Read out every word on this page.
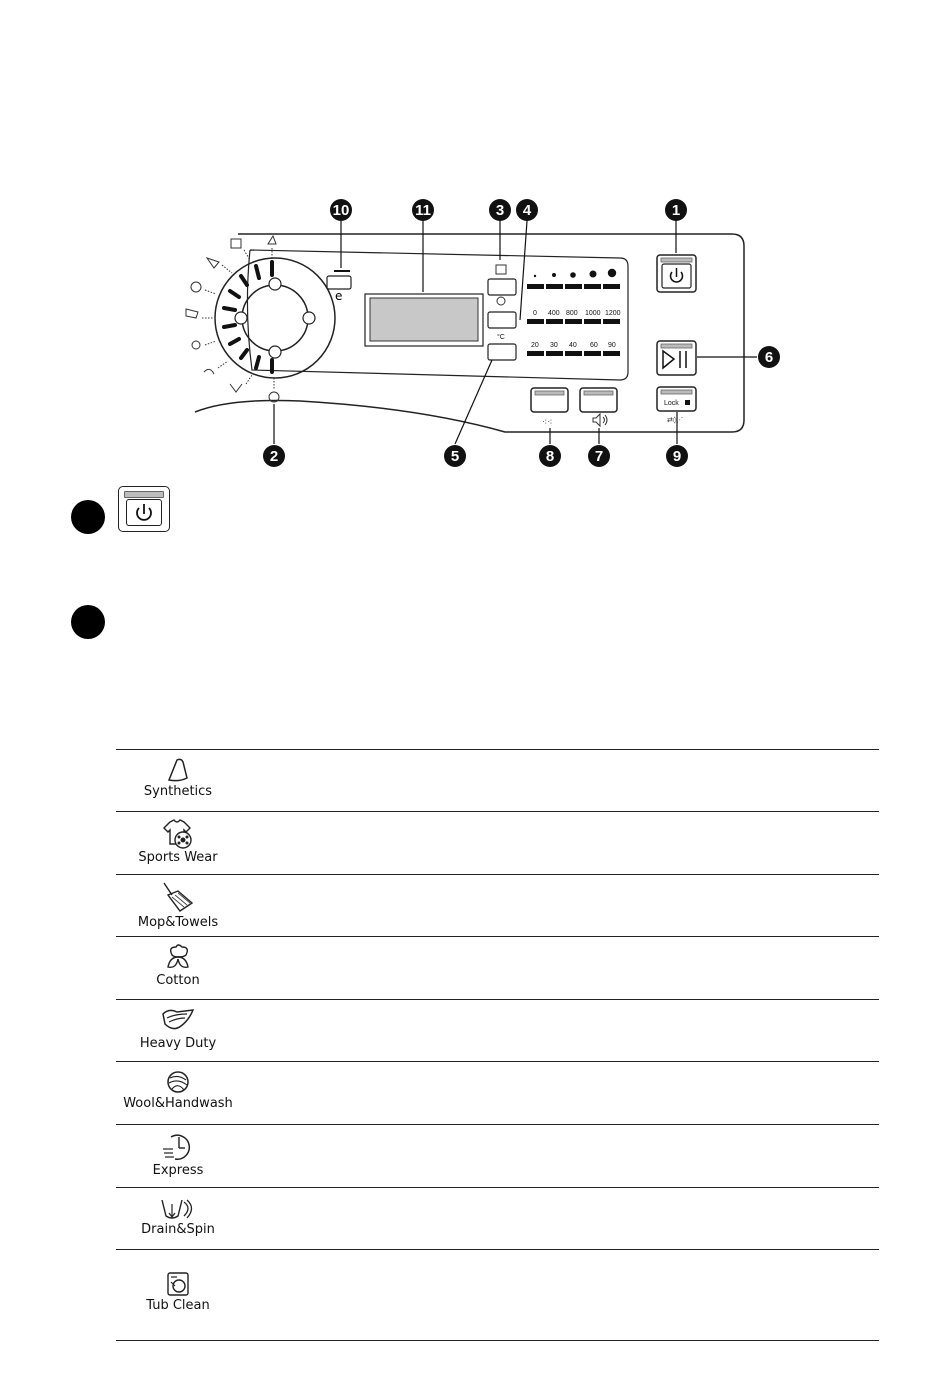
e
°C
0 400 800 1000 1200
20 30 40 60 90
Lock
⇄◊⋰
⁖⁖
10	11	3 4	1
6
2	5	8	7	9
Synthetics	

Sports Wear	

Mop&Towels	

Cotton	

Heavy Duty	

Wool&Handwash	

Express	

Drain&Spin	

Tub Clean	
